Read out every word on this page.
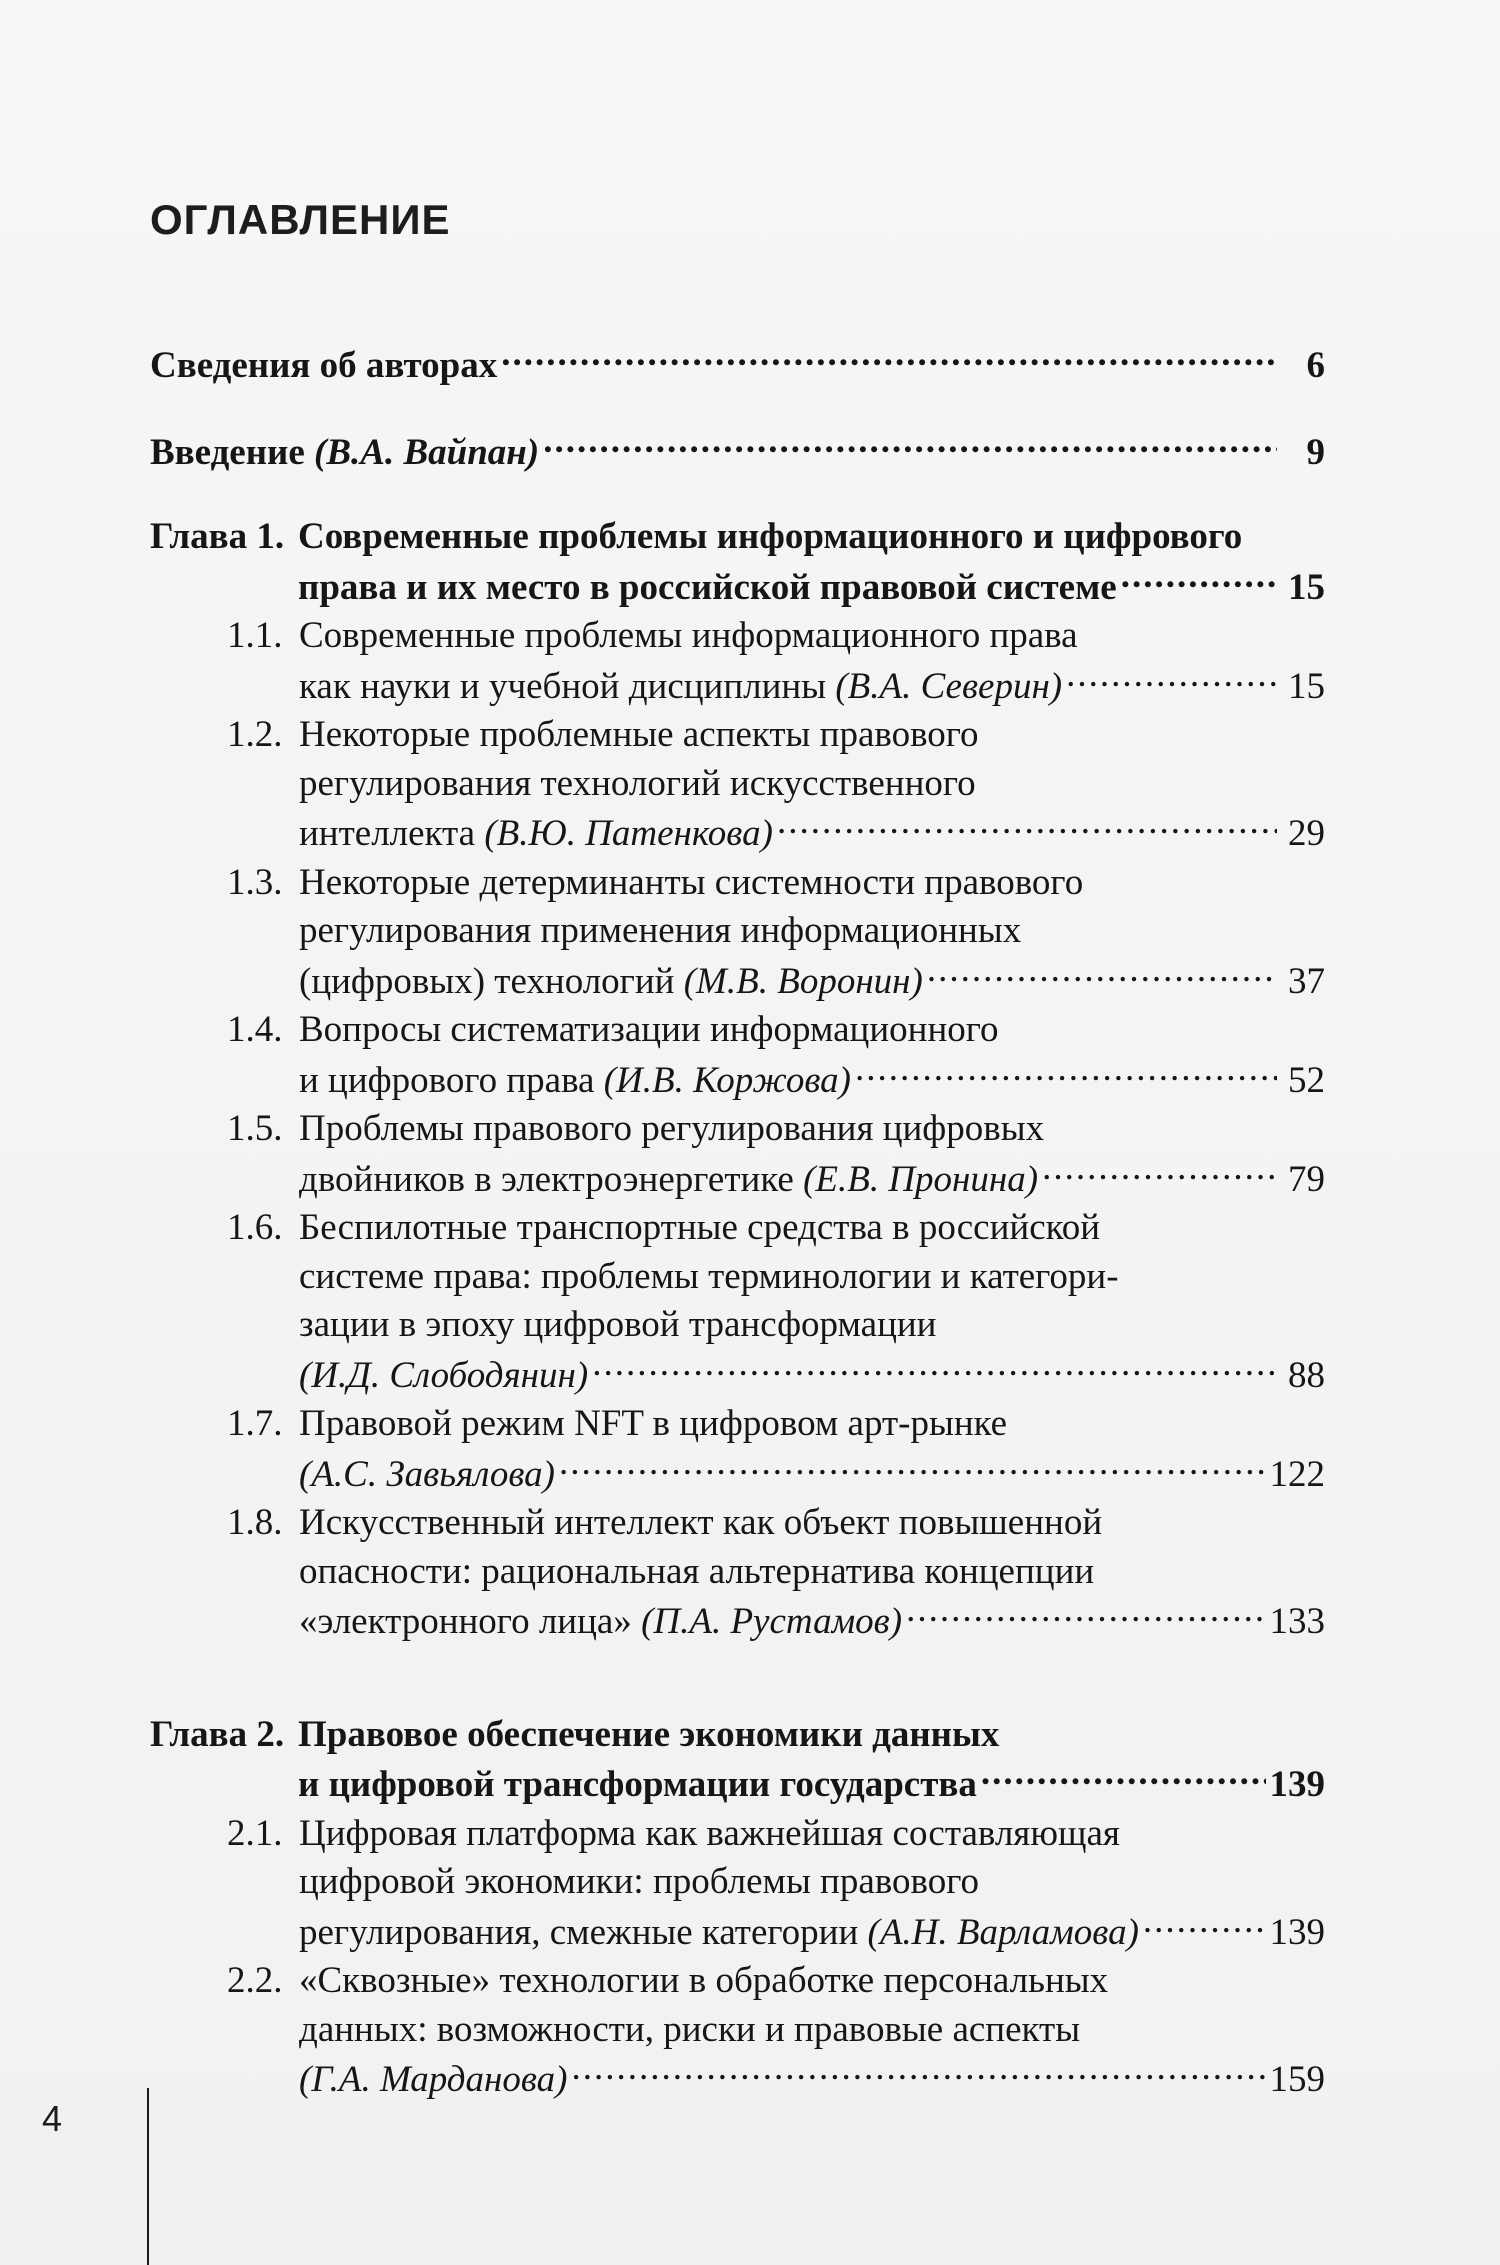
ОГЛАВЛЕНИЕ
Сведения об авторах .....	6
Введение (В.А. Вайпан) .....	9
Глава 1. Современные проблемы информационного и цифрового
права и их место в российской правовой системе .....	15
1.1. Современные проблемы информационного права
как науки и учебной дисциплины (В.А. Северин) .....	15
1.2. Некоторые проблемные аспекты правового
регулирования технологий искусственного
интеллекта (В.Ю. Патенкова) .....	29
1.3. Некоторые детерминанты системности правового
регулирования применения информационных
(цифровых) технологий (М.В. Воронин) .....	37
1.4. Вопросы систематизации информационного
и цифрового права (И.В. Коржова) .....	52
1.5. Проблемы правового регулирования цифровых
двойников в электроэнергетике (Е.В. Пронина) .....	79
1.6. Беспилотные транспортные средства в российской
системе права: проблемы терминологии и категори-
зации в эпоху цифровой трансформации
(И.Д. Слободянин) .....	88
1.7. Правовой режим NFT в цифровом арт-рынке
(А.С. Завьялова) .....	122
1.8. Искусственный интеллект как объект повышенной
опасности: рациональная альтернатива концепции
«электронного лица» (П.А. Рустамов) .....	133
Глава 2. Правовое обеспечение экономики данных
и цифровой трансформации государства .....	139
2.1. Цифровая платформа как важнейшая составляющая
цифровой экономики: проблемы правового
регулирования, смежные категории (А.Н. Варламова) .....	139
2.2. «Сквозные» технологии в обработке персональных
данных: возможности, риски и правовые аспекты
(Г.А. Марданова) .....	159
4
